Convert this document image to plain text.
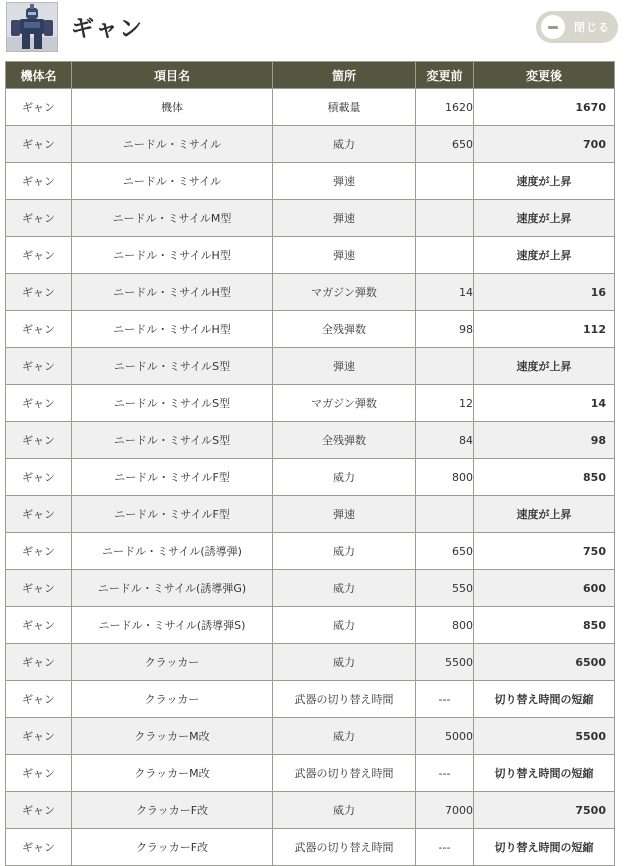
ギャン	閉じる
機体名	項目名	箇所	変更前	変更後
ギャン	機体	積載量	1620	1670
ギャン	ニードル・ミサイル	威力	650	700
ギャン	ニードル・ミサイル	弾速		速度が上昇
ギャン	ニードル・ミサイルM型	弾速		速度が上昇
ギャン	ニードル・ミサイルH型	弾速		速度が上昇
ギャン	ニードル・ミサイルH型	マガジン弾数	14	16
ギャン	ニードル・ミサイルH型	全残弾数	98	112
ギャン	ニードル・ミサイルS型	弾速		速度が上昇
ギャン	ニードル・ミサイルS型	マガジン弾数	12	14
ギャン	ニードル・ミサイルS型	全残弾数	84	98
ギャン	ニードル・ミサイルF型	威力	800	850
ギャン	ニードル・ミサイルF型	弾速		速度が上昇
ギャン	ニードル・ミサイル(誘導弾)	威力	650	750
ギャン	ニードル・ミサイル(誘導弾G)	威力	550	600
ギャン	ニードル・ミサイル(誘導弾S)	威力	800	850
ギャン	クラッカー	威力	5500	6500
ギャン	クラッカー	武器の切り替え時間	---	切り替え時間の短縮
ギャン	クラッカーM改	威力	5000	5500
ギャン	クラッカーM改	武器の切り替え時間	---	切り替え時間の短縮
ギャン	クラッカーF改	威力	7000	7500
ギャン	クラッカーF改	武器の切り替え時間	---	切り替え時間の短縮
